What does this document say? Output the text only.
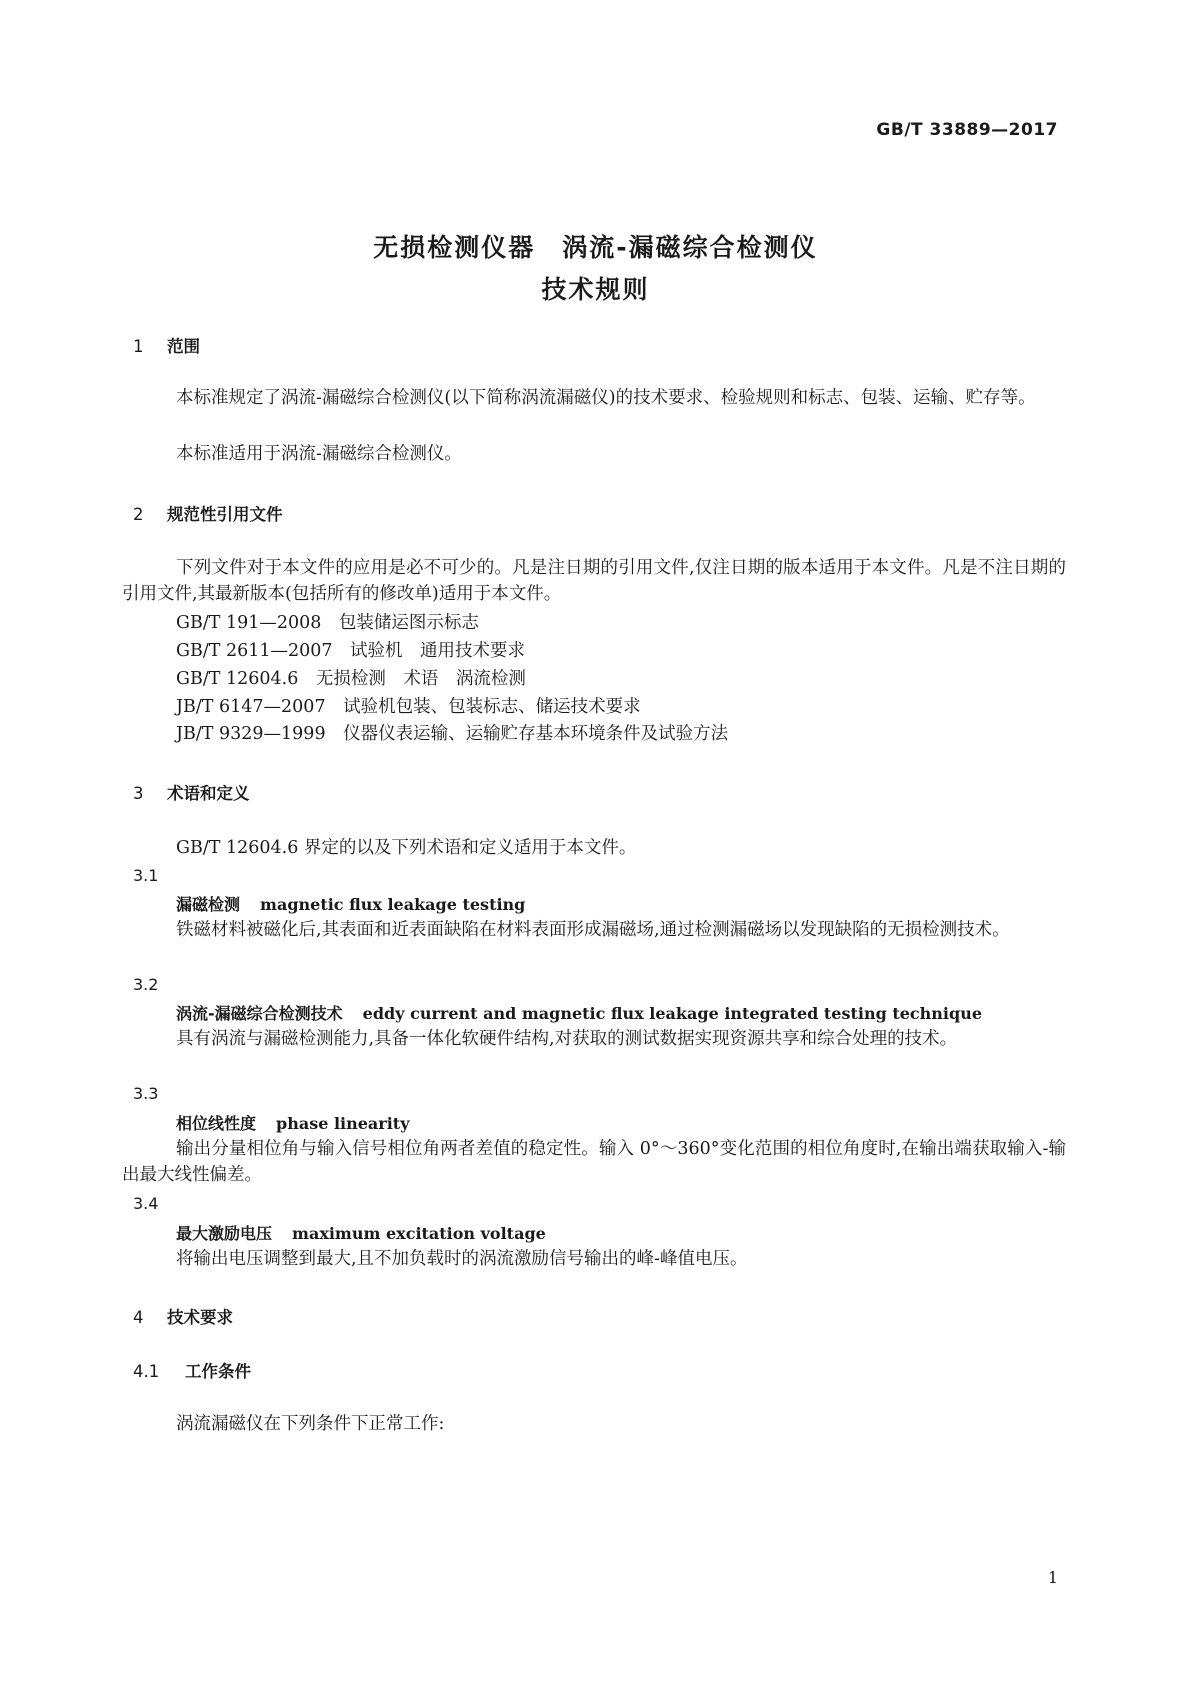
GB/T 33889—2017
无损检测仪器　涡流-漏磁综合检测仪
技术规则
1 范围
本标准规定了涡流-漏磁综合检测仪(以下简称涡流漏磁仪)的技术要求、检验规则和标志、包装、运输、贮存等。
本标准适用于涡流-漏磁综合检测仪。
2 规范性引用文件
下列文件对于本文件的应用是必不可少的。凡是注日期的引用文件,仅注日期的版本适用于本文件。凡是不注日期的引用文件,其最新版本(包括所有的修改单)适用于本文件。
GB/T 191—2008　包装储运图示标志
GB/T 2611—2007　试验机　通用技术要求
GB/T 12604.6　无损检测　术语　涡流检测
JB/T 6147—2007　试验机包装、包装标志、储运技术要求
JB/T 9329—1999　仪器仪表运输、运输贮存基本环境条件及试验方法
3 术语和定义
GB/T 12604.6 界定的以及下列术语和定义适用于本文件。
3.1
漏磁检测 magnetic flux leakage testing
铁磁材料被磁化后,其表面和近表面缺陷在材料表面形成漏磁场,通过检测漏磁场以发现缺陷的无损检测技术。
3.2
涡流-漏磁综合检测技术 eddy current and magnetic flux leakage integrated testing technique
具有涡流与漏磁检测能力,具备一体化软硬件结构,对获取的测试数据实现资源共享和综合处理的技术。
3.3
相位线性度 phase linearity
输出分量相位角与输入信号相位角两者差值的稳定性。输入 0°～360°变化范围的相位角度时,在输出端获取输入-输出最大线性偏差。
3.4
最大激励电压 maximum excitation voltage
将输出电压调整到最大,且不加负载时的涡流激励信号输出的峰-峰值电压。
4 技术要求
4.1 工作条件
涡流漏磁仪在下列条件下正常工作:
1
